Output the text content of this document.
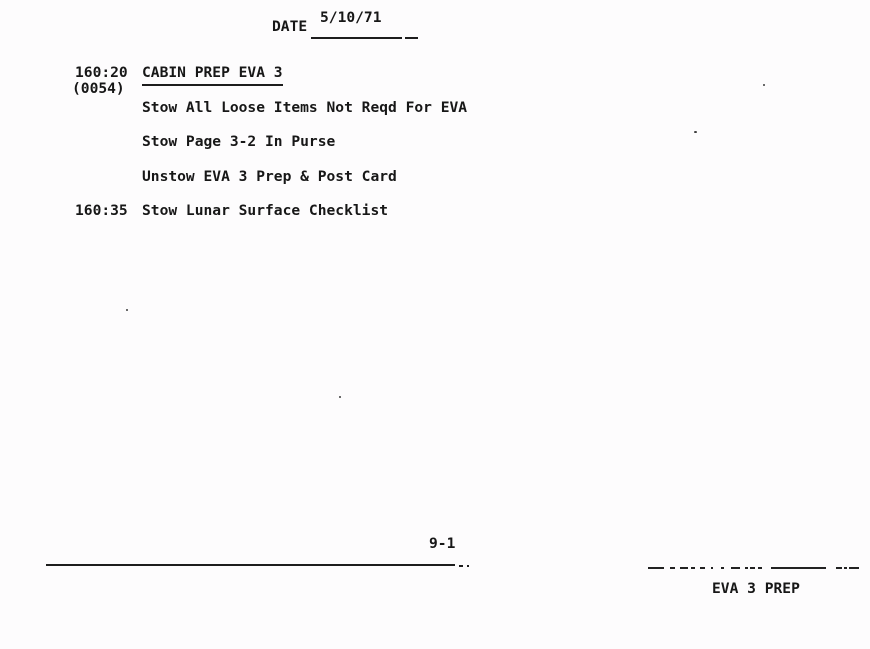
DATE
5/10/71
160:20 CABIN PREP EVA 3
(0054)
Stow All Loose Items Not Reqd For EVA
Stow Page 3-2 In Purse
Unstow EVA 3 Prep & Post Card
160:35 Stow Lunar Surface Checklist
9-1
EVA 3 PREP
